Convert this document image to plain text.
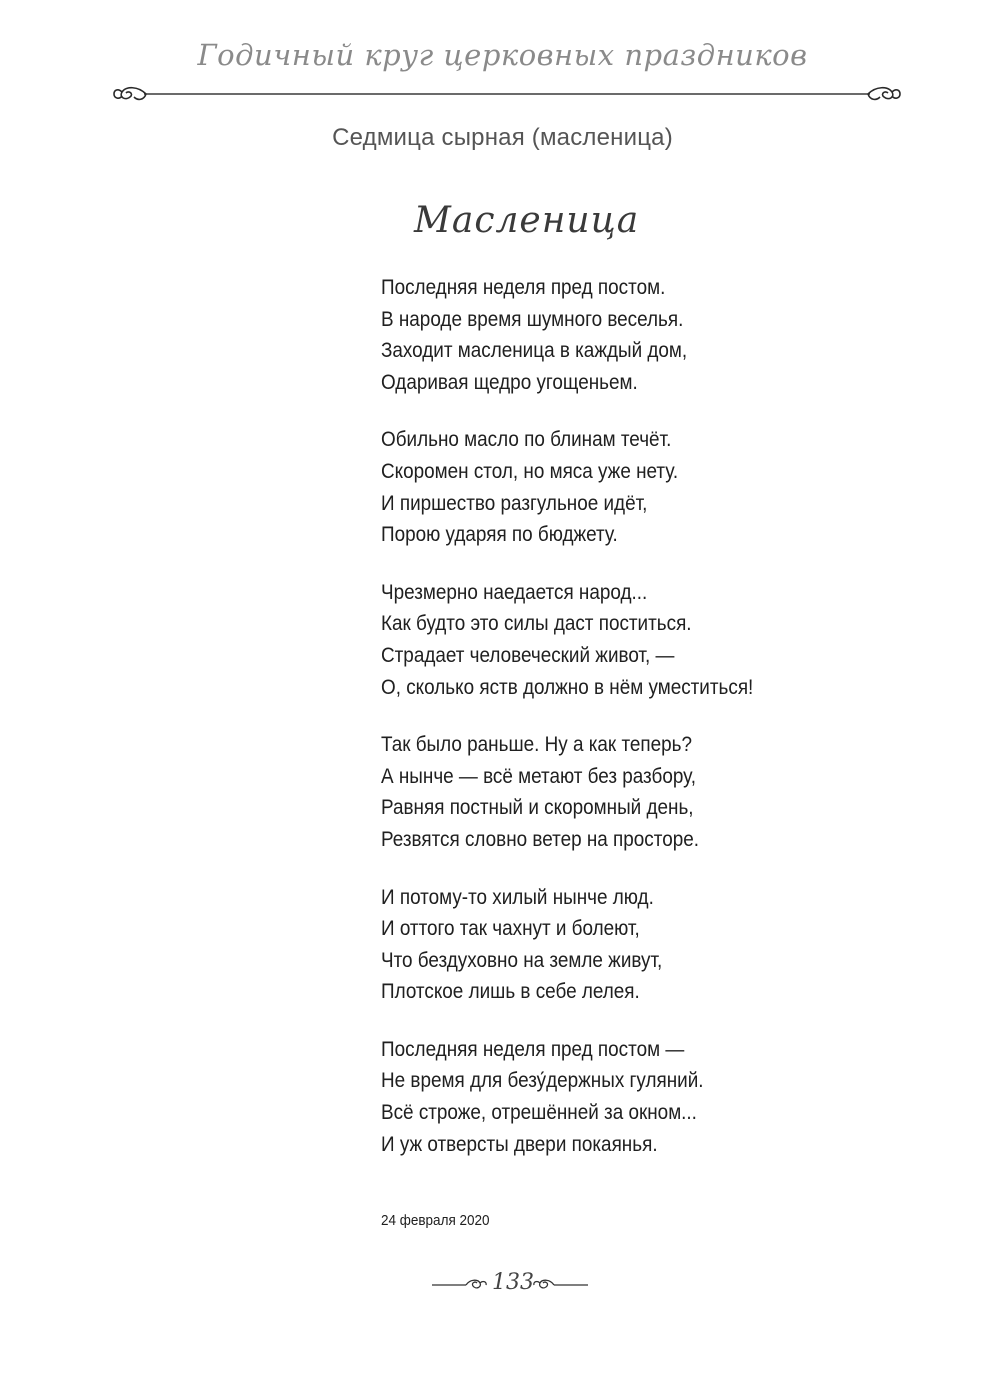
Годичный круг церковных праздников
Седмица сырная (масленица)
Масленица
Последняя неделя пред постом.
В народе время шумного веселья.
Заходит масленица в каждый дом,
Одаривая щедро угощеньем.
Обильно масло по блинам течёт.
Скоромен стол, но мяса уже нету.
И пиршество разгульное идёт,
Порою ударяя по бюджету.
Чрезмерно наедается народ...
Как будто это силы даст поститься.
Страдает человеческий живот, —
О, сколько яств должно в нём уместиться!
Так было раньше. Ну а как теперь?
А нынче — всё метают без разбору,
Равняя постный и скоромный день,
Резвятся словно ветер на просторе.
И потому-то хилый нынче люд.
И оттого так чахнут и болеют,
Что бездуховно на земле живут,
Плотское лишь в себе лелея.
Последняя неделя пред постом —
Не время для безу́держных гуляний.
Всё строже, отрешённей за окном...
И уж отверсты двери покаянья.
24 февраля 2020
133
